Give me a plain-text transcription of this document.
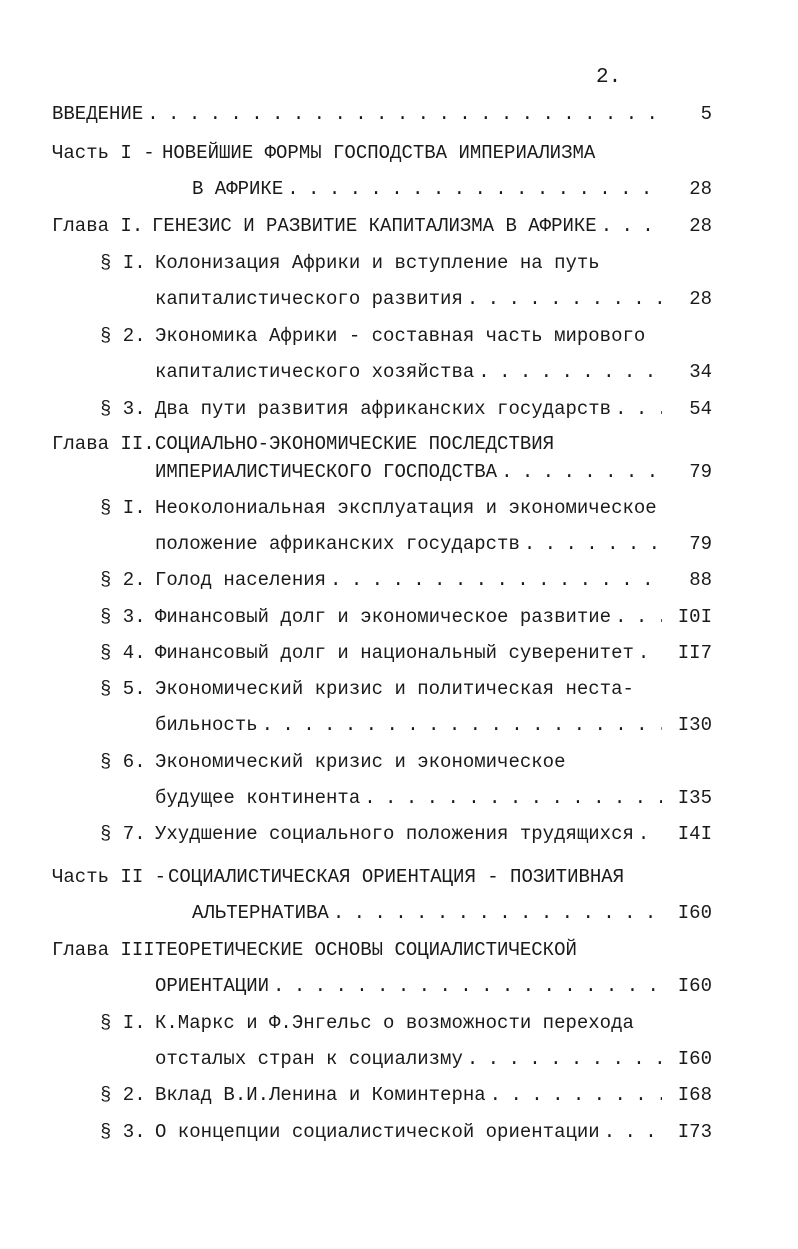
2.
ВВЕДЕНИЕ . . .	5
Часть I - НОВЕЙШИЕ ФОРМЫ ГОСПОДСТВА ИМПЕРИАЛИЗМА
В АФРИКЕ . . .	28
Глава I. ГЕНЕЗИС И РАЗВИТИЕ КАПИТАЛИЗМА В АФРИКЕ . . .	28
§ I. Колонизация Африки и вступление на путь
капиталистического развития . . .	28
§ 2. Экономика Африки - составная часть мирового
капиталистического хозяйства . . .	34
§ 3. Два пути развития африканских государств . . .	54
Глава II. СОЦИАЛЬНО-ЭКОНОМИЧЕСКИЕ ПОСЛЕДСТВИЯ
ИМПЕРИАЛИСТИЧЕСКОГО ГОСПОДСТВА . . .	79
§ I. Неоколониальная эксплуатация и экономическое
положение африканских государств . . .	79
§ 2. Голод населения . . .	88
§ 3. Финансовый долг и экономическое развитие . . .	I0I
§ 4. Финансовый долг и национальный суверенитет . . .	II7
§ 5. Экономический кризис и политическая неста-
бильность . . .	I30
§ 6. Экономический кризис и экономическое
будущее континента . . .	I35
§ 7. Ухудшение социального положения трудящихся . . .	I4I
Часть II - СОЦИАЛИСТИЧЕСКАЯ ОРИЕНТАЦИЯ - ПОЗИТИВНАЯ
АЛЬТЕРНАТИВА . . .	I60
Глава III.
ТЕОРЕТИЧЕСКИЕ ОСНОВЫ СОЦИАЛИСТИЧЕСКОЙ
ОРИЕНТАЦИИ . . .	I60
§ I. К.Маркс и Ф.Энгельс о возможности перехода
отсталых стран к социализму . . .	I60
§ 2. Вклад В.И.Ленина и Коминтерна . . .	I68
§ 3. О концепции социалистической ориентации . . .	I73
